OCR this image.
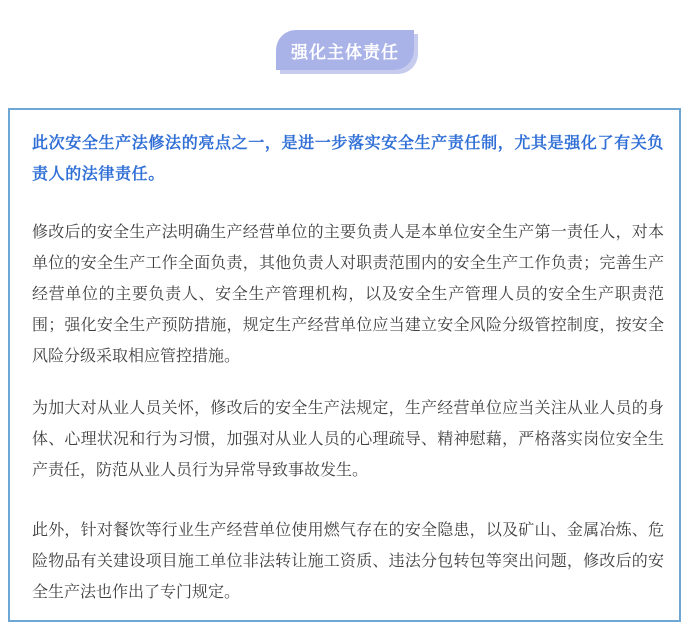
强化主体责任

此次安全生产法修法的亮点之一，是进一步落实安全生产责任制，尤其是强化了有关负责人的法律责任。

修改后的安全生产法明确生产经营单位的主要负责人是本单位安全生产第一责任人，对本单位的安全生产工作全面负责，其他负责人对职责范围内的安全生产工作负责；完善生产经营单位的主要负责人、安全生产管理机构，以及安全生产管理人员的安全生产职责范围；强化安全生产预防措施，规定生产经营单位应当建立安全风险分级管控制度，按安全风险分级采取相应管控措施。

为加大对从业人员关怀，修改后的安全生产法规定，生产经营单位应当关注从业人员的身体、心理状况和行为习惯，加强对从业人员的心理疏导、精神慰藉，严格落实岗位安全生产责任，防范从业人员行为异常导致事故发生。

此外，针对餐饮等行业生产经营单位使用燃气存在的安全隐患，以及矿山、金属冶炼、危险物品有关建设项目施工单位非法转让施工资质、违法分包转包等突出问题，修改后的安全生产法也作出了专门规定。
